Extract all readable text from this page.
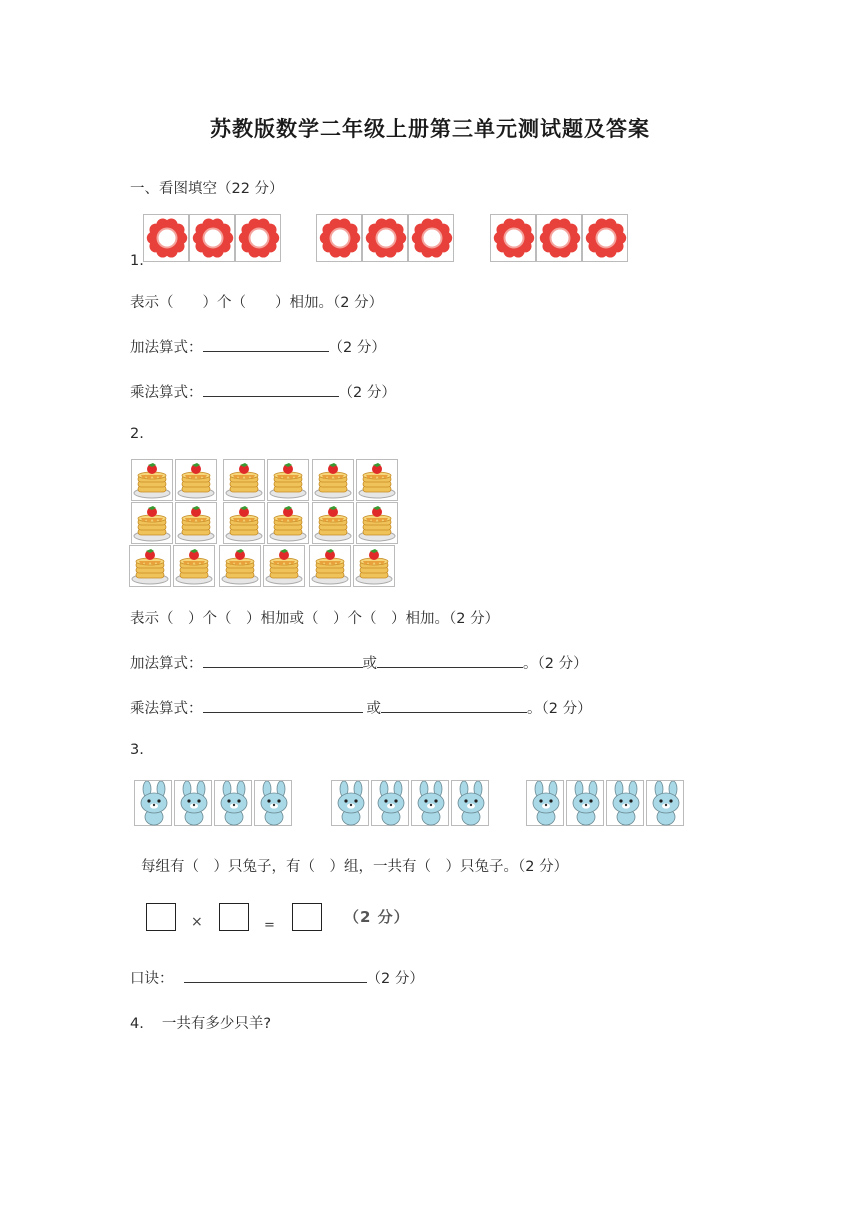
苏教版数学二年级上册第三单元测试题及答案
一、看图填空（22 分）
1.
表示（　　）个（　　）相加。（2 分）
加法算式：	（2 分）
乘法算式：	（2 分）
2.
表示（　）个（　）相加或（　）个（　）相加。（2 分）
加法算式：	或	。（2 分）
乘法算式：	或	。（2 分）
3.
每组有（　）只兔子，有（　）组，一共有（　）只兔子。（2 分）
×	=	（2 分）
口诀：	（2 分）
4. 一共有多少只羊?
